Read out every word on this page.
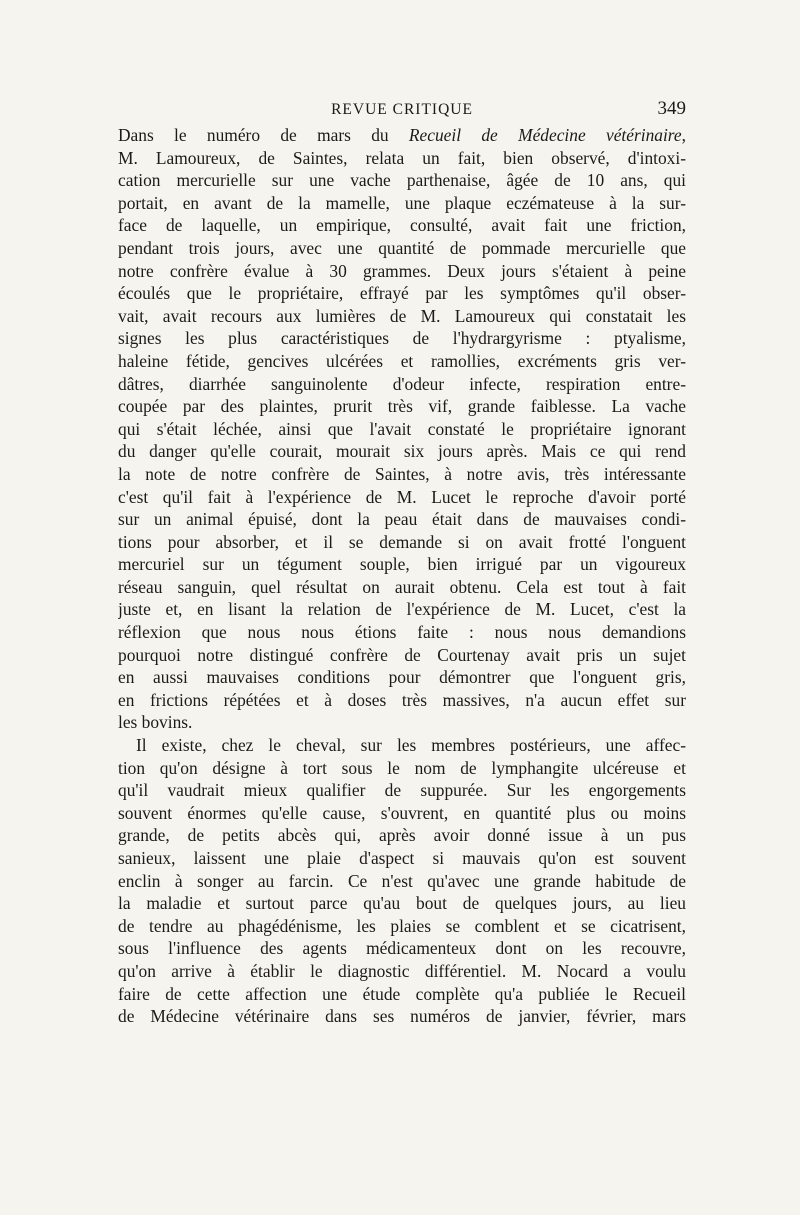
REVUE CRITIQUE	349
Dans le numéro de mars du Recueil de Médecine vétérinaire,
M. Lamoureux, de Saintes, relata un fait, bien observé, d'intoxi-
cation mercurielle sur une vache parthenaise, âgée de 10 ans, qui
portait, en avant de la mamelle, une plaque eczémateuse à la sur-
face de laquelle, un empirique, consulté, avait fait une friction,
pendant trois jours, avec une quantité de pommade mercurielle que
notre confrère évalue à 30 grammes. Deux jours s'étaient à peine
écoulés que le propriétaire, effrayé par les symptômes qu'il obser-
vait, avait recours aux lumières de M. Lamoureux qui constatait les
signes les plus caractéristiques de l'hydrargyrisme : ptyalisme,
haleine fétide, gencives ulcérées et ramollies, excréments gris ver-
dâtres, diarrhée sanguinolente d'odeur infecte, respiration entre-
coupée par des plaintes, prurit très vif, grande faiblesse. La vache
qui s'était léchée, ainsi que l'avait constaté le propriétaire ignorant
du danger qu'elle courait, mourait six jours après. Mais ce qui rend
la note de notre confrère de Saintes, à notre avis, très intéressante
c'est qu'il fait à l'expérience de M. Lucet le reproche d'avoir porté
sur un animal épuisé, dont la peau était dans de mauvaises condi-
tions pour absorber, et il se demande si on avait frotté l'onguent
mercuriel sur un tégument souple, bien irrigué par un vigoureux
réseau sanguin, quel résultat on aurait obtenu. Cela est tout à fait
juste et, en lisant la relation de l'expérience de M. Lucet, c'est la
réflexion que nous nous étions faite : nous nous demandions
pourquoi notre distingué confrère de Courtenay avait pris un sujet
en aussi mauvaises conditions pour démontrer que l'onguent gris,
en frictions répétées et à doses très massives, n'a aucun effet sur
les bovins.
Il existe, chez le cheval, sur les membres postérieurs, une affec-
tion qu'on désigne à tort sous le nom de lymphangite ulcéreuse et
qu'il vaudrait mieux qualifier de suppurée. Sur les engorgements
souvent énormes qu'elle cause, s'ouvrent, en quantité plus ou moins
grande, de petits abcès qui, après avoir donné issue à un pus
sanieux, laissent une plaie d'aspect si mauvais qu'on est souvent
enclin à songer au farcin. Ce n'est qu'avec une grande habitude de
la maladie et surtout parce qu'au bout de quelques jours, au lieu
de tendre au phagédénisme, les plaies se comblent et se cicatrisent,
sous l'influence des agents médicamenteux dont on les recouvre,
qu'on arrive à établir le diagnostic différentiel. M. Nocard a voulu
faire de cette affection une étude complète qu'a publiée le Recueil
de Médecine vétérinaire dans ses numéros de janvier, février, mars
